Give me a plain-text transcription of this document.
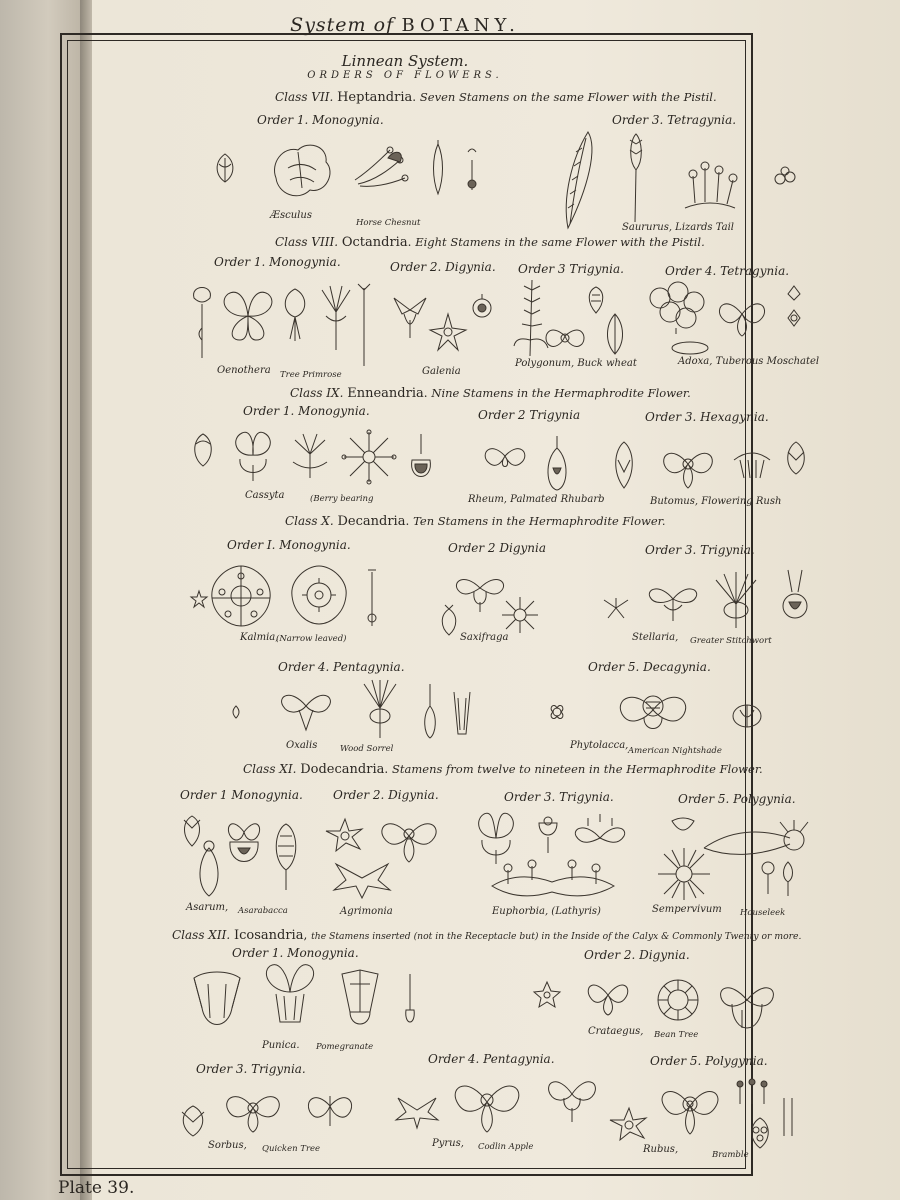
System of BOTANY.
Linnean System.
ORDERS OF FLOWERS.
Class VII. Heptandria. Seven Stamens on the same Flower with the Pistil.
Order 1. Monogynia.	Order 3. Tetragynia.
Æsculus
Horse Chesnut	Saururus, Lizards Tail
Class VIII. Octandria. Eight Stamens in the same Flower with the Pistil.
Order 1. Monogynia.	Order 2. Digynia. Order 3 Trigynia.	Order 4. Tetragynia.
Oenothera Tree Primrose	Galenia
Polygonum, Buck wheat	Adoxa, Tuberous Moschatel
Class IX. Enneandria. Nine Stamens in the Hermaphrodite Flower.
Order 1. Monogynia.	Order 2 Trigynia	Order 3. Hexagynia.
Cassyta	(Berry bearing	Rheum, Palmated Rhubarb	Butomus, Flowering Rush
Class X. Decandria. Ten Stamens in the Hermaphrodite Flower.
Order I. Monogynia.	Order 2 Digynia	Order 3. Trigynia.
Kalmia,
(Narrow leaved)	Saxifraga	Stellaria, Greater Stitchwort
Order 4. Pentagynia.	Order 5. Decagynia.
Oxalis	Wood Sorrel	Phytolacca, American Nightshade
Class XI. Dodecandria. Stamens from twelve to nineteen in the Hermaphrodite Flower.
Order 1 Monogynia.	Order 2. Digynia.	Order 3. Trigynia.	Order 5. Polygynia.
Asarum, Asarabacca	Agrimonia	Euphorbia, (Lathyris)	Sempervivum Houseleek
Class XII. Icosandria, the Stamens inserted (not in the Receptacle but) in the Inside of the Calyx & Commonly Twenty or more.
Order 1. Monogynia.	Order 2. Digynia.
Punica. Pomegranate
Crataegus, Bean Tree
Order 3. Trigynia.
Order 4. Pentagynia.	Order 5. Polygynia.
Sorbus, Quicken Tree	Pyrus, Codlin Apple	Rubus,	Bramble
Plate 39.
